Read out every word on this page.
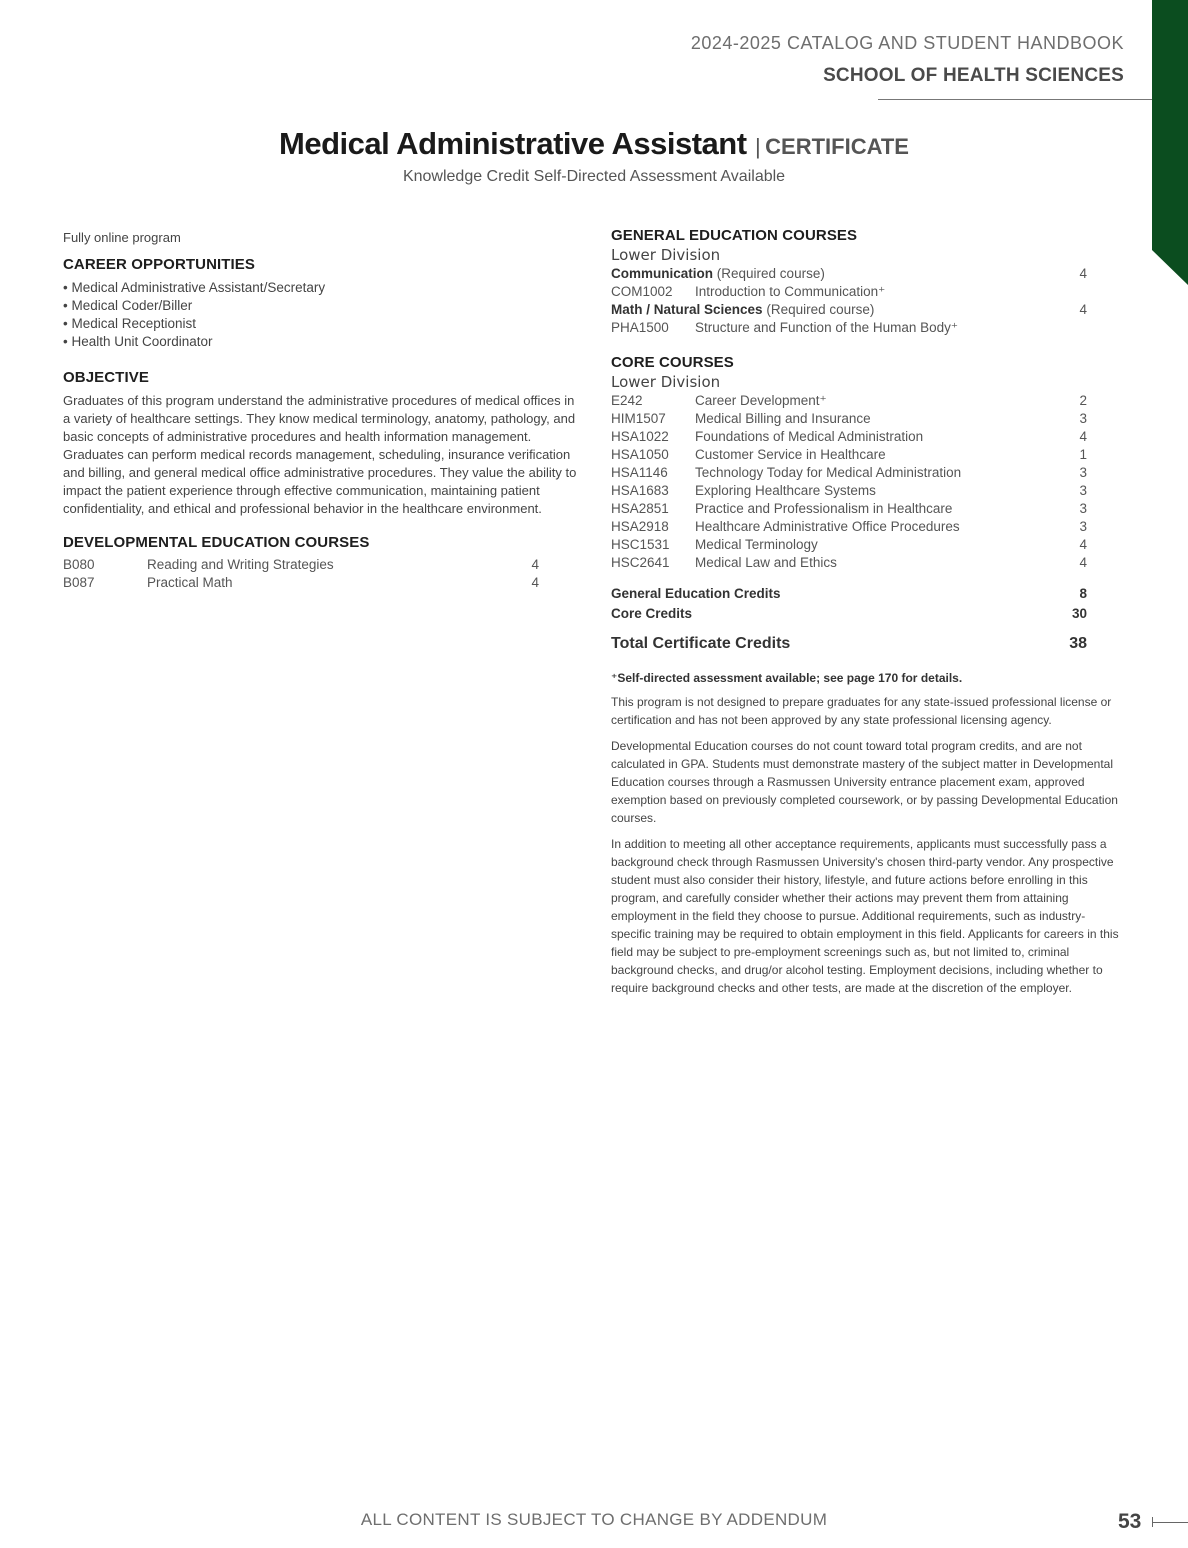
2024-2025 CATALOG AND STUDENT HANDBOOK
SCHOOL OF HEALTH SCIENCES
Medical Administrative Assistant | CERTIFICATE
Knowledge Credit Self-Directed Assessment Available
Fully online program
CAREER OPPORTUNITIES
• Medical Administrative Assistant/Secretary
• Medical Coder/Biller
• Medical Receptionist
• Health Unit Coordinator
OBJECTIVE

Graduates of this program understand the administrative procedures of medical offices in a variety of healthcare settings. They know medical terminology, anatomy, pathology, and basic concepts of administrative procedures and health information management. Graduates can perform medical records management, scheduling, insurance verification and billing, and general medical office administrative procedures. They value the ability to impact the patient experience through effective communication, maintaining patient confidentiality, and ethical and professional behavior in the healthcare environment.

DEVELOPMENTAL EDUCATION COURSES
B080	Reading and Writing Strategies	4
B087	Practical Math	4
GENERAL EDUCATION COURSES
Lower Division
Communication (Required course)		4
COM1002	Introduction to Communication⁺	
Math / Natural Sciences (Required course)		4
PHA1500	Structure and Function of the Human Body⁺	
CORE COURSES
Lower Division
E242	Career Development⁺	2
HIM1507	Medical Billing and Insurance	3
HSA1022	Foundations of Medical Administration	4
HSA1050	Customer Service in Healthcare	1
HSA1146	Technology Today for Medical Administration	3
HSA1683	Exploring Healthcare Systems	3
HSA2851	Practice and Professionalism in Healthcare	3
HSA2918	Healthcare Administrative Office Procedures	3
HSC1531	Medical Terminology	4
HSC2641	Medical Law and Ethics	4
General Education Credits	8
Core Credits	30
Total Certificate Credits	38
⁺Self-directed assessment available; see page 170 for details.

This program is not designed to prepare graduates for any state-issued professional license or certification and has not been approved by any state professional licensing agency.

Developmental Education courses do not count toward total program credits, and are not calculated in GPA. Students must demonstrate mastery of the subject matter in Developmental Education courses through a Rasmussen University entrance placement exam, approved exemption based on previously completed coursework, or by passing Developmental Education courses.

In addition to meeting all other acceptance requirements, applicants must successfully pass a background check through Rasmussen University's chosen third-party vendor. Any prospective student must also consider their history, lifestyle, and future actions before enrolling in this program, and carefully consider whether their actions may prevent them from attaining employment in the field they choose to pursue. Additional requirements, such as industry-specific training may be required to obtain employment in this field. Applicants for careers in this field may be subject to pre-employment screenings such as, but not limited to, criminal background checks, and drug/or alcohol testing. Employment decisions, including whether to require background checks and other tests, are made at the discretion of the employer.

ALL CONTENT IS SUBJECT TO CHANGE BY ADDENDUM	53
